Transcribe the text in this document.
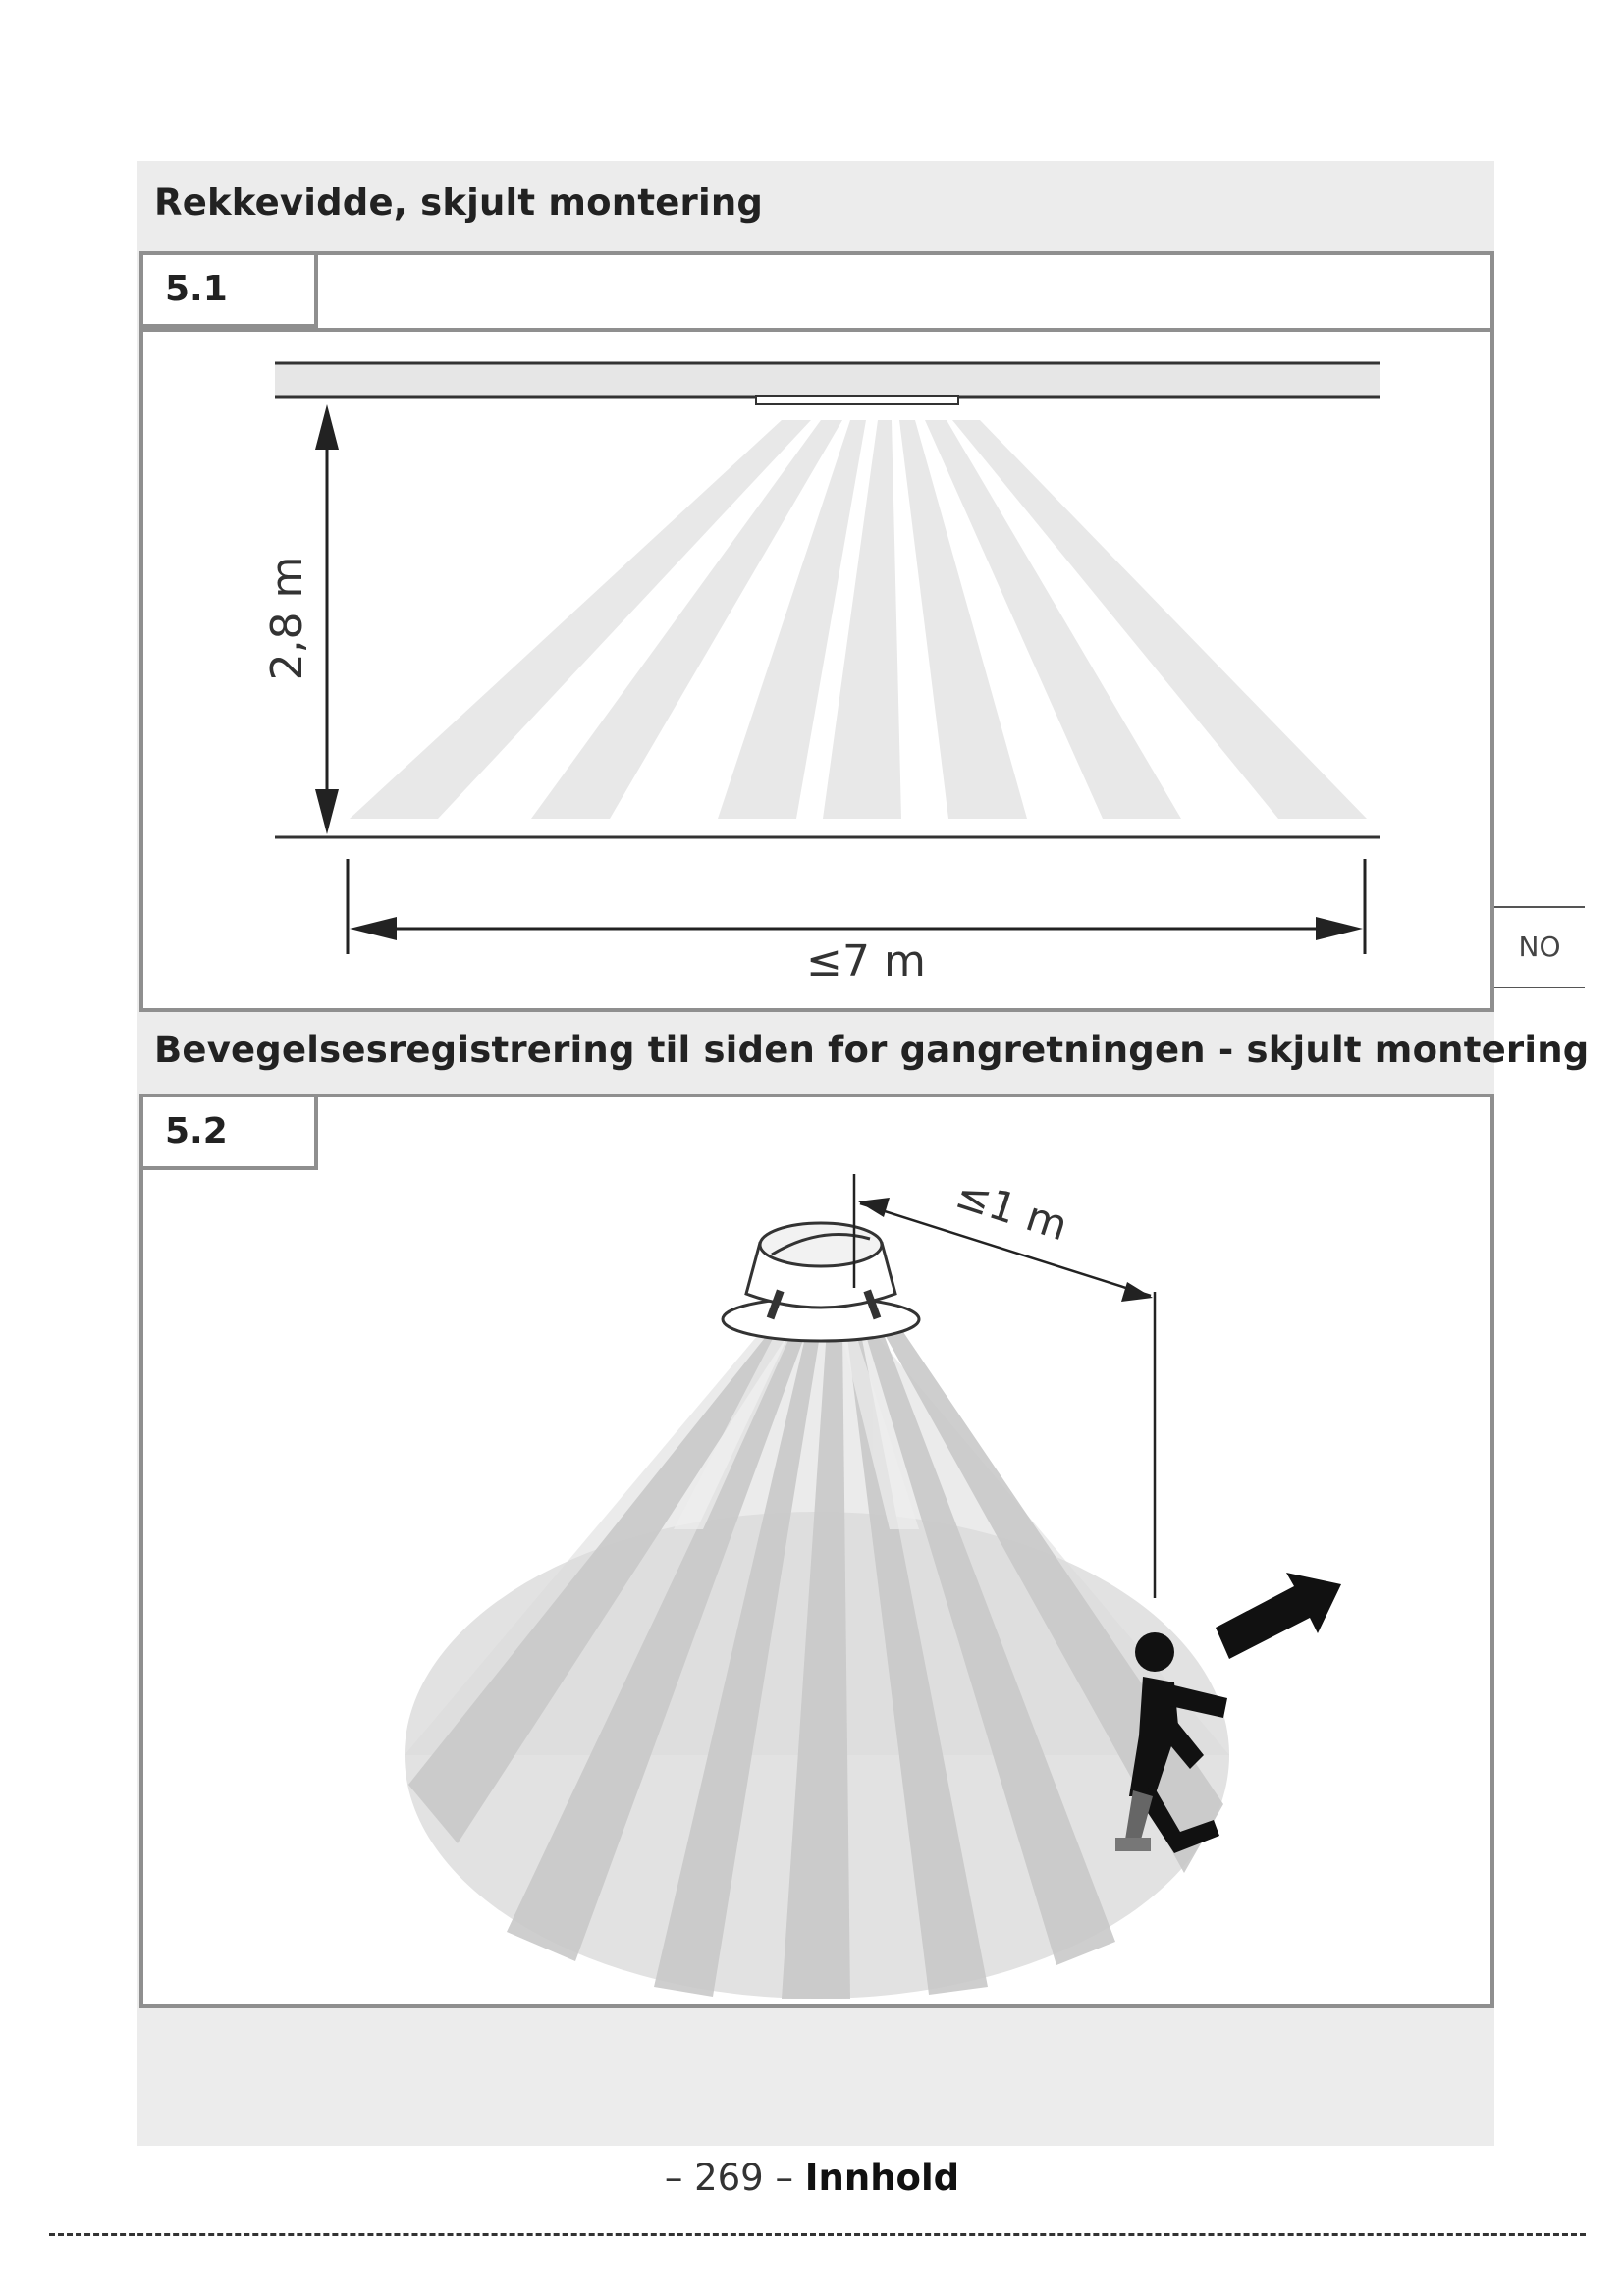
Rekkevidde, skjult montering
5.1
2,8 m
≤7 m
Bevegelsesregistrering til siden for gangretningen - skjult montering
5.2
≤1 m
NO
– 269 – Innhold
